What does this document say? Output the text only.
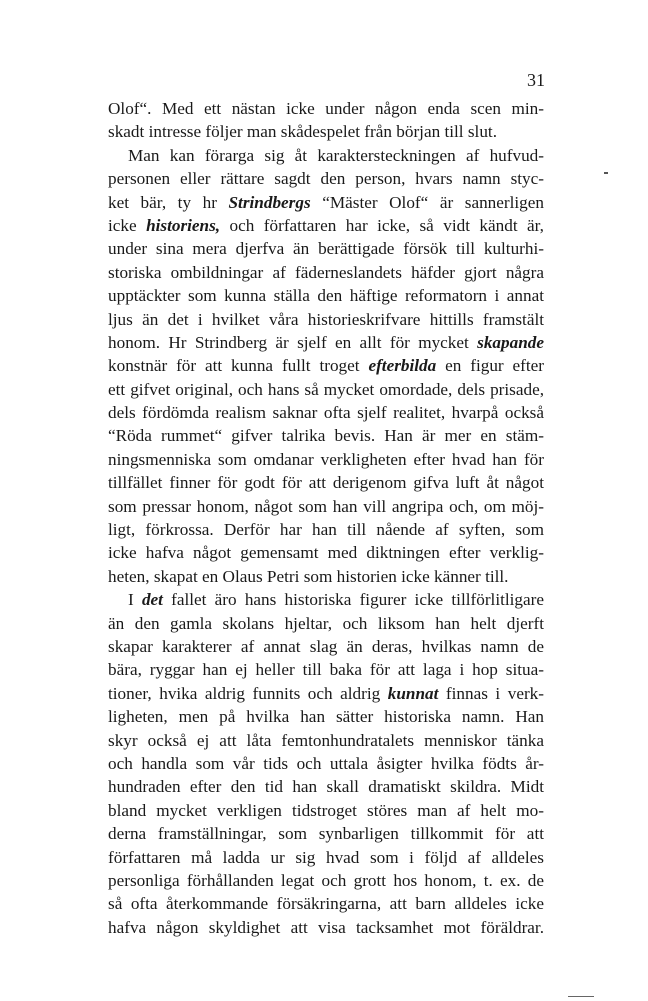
31
Olof“. Med ett nästan icke under någon enda scen min-
skadt intresse följer man skådespelet från början till slut.
Man kan förarga sig åt karaktersteckningen af hufvud-
personen eller rättare sagdt den person, hvars namn styc-
ket bär, ty hr Strindbergs “Mäster Olof“ är sannerligen
icke historiens, och författaren har icke, så vidt kändt är,
under sina mera djerfva än berättigade försök till kulturhi-
storiska ombildningar af fäderneslandets häfder gjort några
upptäckter som kunna ställa den häftige reformatorn i annat
ljus än det i hvilket våra historieskrifvare hittills framstält
honom. Hr Strindberg är sjelf en allt för mycket skapande
konstnär för att kunna fullt troget efterbilda en figur efter
ett gifvet original, och hans så mycket omordade, dels prisade,
dels fördömda realism saknar ofta sjelf realitet, hvarpå också
“Röda rummet“ gifver talrika bevis. Han är mer en stäm-
ningsmenniska som omdanar verkligheten efter hvad han för
tillfället finner för godt för att derigenom gifva luft åt något
som pressar honom, något som han vill angripa och, om möj-
ligt, förkrossa. Derför har han till nående af syften, som
icke hafva något gemensamt med diktningen efter verklig-
heten, skapat en Olaus Petri som historien icke känner till.
I det fallet äro hans historiska figurer icke tillförlitligare
än den gamla skolans hjeltar, och liksom han helt djerft
skapar karakterer af annat slag än deras, hvilkas namn de
bära, ryggar han ej heller till baka för att laga i hop situa-
tioner, hvika aldrig funnits och aldrig kunnat finnas i verk-
ligheten, men på hvilka han sätter historiska namn. Han
skyr också ej att låta femtonhundratalets menniskor tänka
och handla som vår tids och uttala åsigter hvilka födts år-
hundraden efter den tid han skall dramatiskt skildra. Midt
bland mycket verkligen tidstroget störes man af helt mo-
derna framställningar, som synbarligen tillkommit för att
författaren må ladda ur sig hvad som i följd af alldeles
personliga förhållanden legat och grott hos honom, t. ex. de
så ofta återkommande försäkringarna, att barn alldeles icke
hafva någon skyldighet att visa tacksamhet mot föräldrar.
